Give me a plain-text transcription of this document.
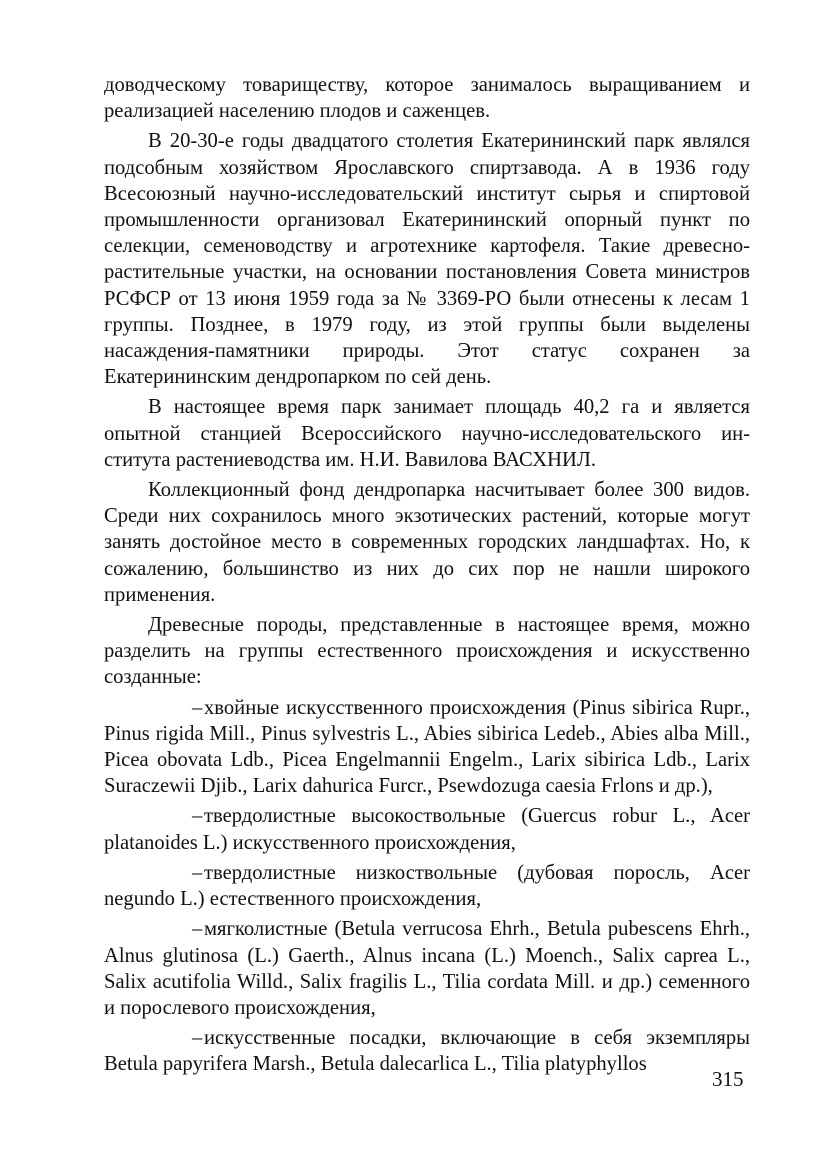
доводческому товариществу, которое занималось выращиванием и реализацией населению плодов и саженцев.

В 20-30-е годы двадцатого столетия Екатерининский парк являлся подсобным хозяйством Ярославского спиртзавода. А в 1936 году Всесоюзный научно-исследовательский институт сырья и спиртовой промышленности организовал Екатерининский опорный пункт по селекции, семеноводству и агротехнике картофеля. Такие древесно-растительные участки, на основании постановления Совета министров РСФСР от 13 июня 1959 года за № 3369-РО были отнесены к лесам 1 группы. Позднее, в 1979 году, из этой группы были выделены насаждения-памятники природы. Этот статус сохранен за Екатерининским дендропарком по сей день.

В настоящее время парк занимает площадь 40,2 га и является опытной станцией Всероссийского научно-исследовательского института растениеводства им. Н.И. Вавилова ВАСХНИЛ.

Коллекционный фонд дендропарка насчитывает более 300 видов. Среди них сохранилось много экзотических растений, которые могут занять достойное место в современных городских ландшафтах. Но, к сожалению, большинство из них до сих пор не нашли широкого применения.

Древесные породы, представленные в настоящее время, можно разделить на группы естественного происхождения и искусственно созданные:

–хвойные искусственного происхождения (Pinus sibirica Rupr., Pinus rigida Mill., Pinus sylvestris L., Abies sibirica Ledeb., Abies alba Mill., Picea obovata Ldb., Picea Engelmannii Engelm., Larix sibirica Ldb., Larix Suraczewii Djib., Larix dahurica Furcr., Psewdozuga caesia Frlons и др.),

–твердолистные высокоствольные (Guercus robur L., Acer platanoides L.) искусственного происхождения,

–твердолистные низкоствольные (дубовая поросль, Acer negundo L.) естественного происхождения,

–мягколистные (Betula verrucosa Ehrh., Betula pubescens Ehrh., Alnus glutinosa (L.) Gaerth., Alnus incana (L.) Moench., Salix caprea L., Salix acutifolia Willd., Salix fragilis L., Tilia cordata Mill. и др.) семенного и порослевого происхождения,

–искусственные посадки, включающие в себя экземпляры Betula papyrifera Marsh., Betula dalecarlica L., Tilia platyphyllos

315
